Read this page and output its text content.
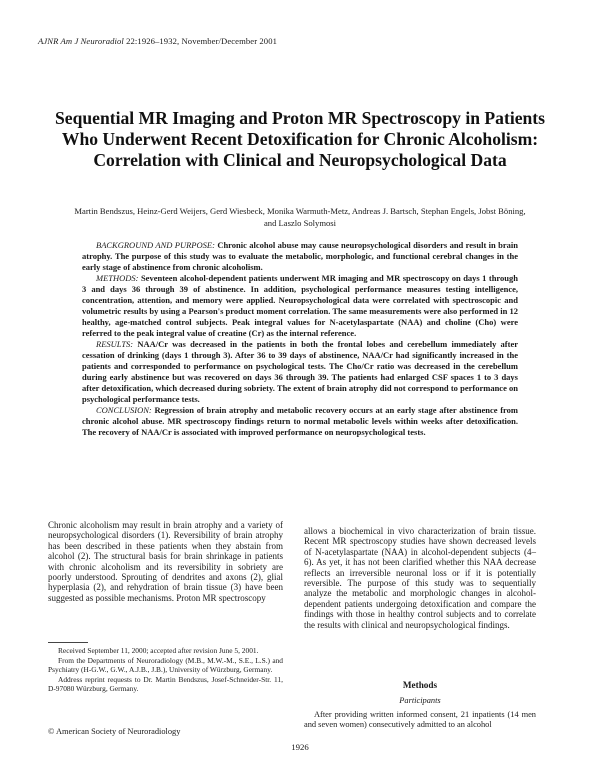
AJNR Am J Neuroradiol 22:1926–1932, November/December 2001
Sequential MR Imaging and Proton MR Spectroscopy in Patients Who Underwent Recent Detoxification for Chronic Alcoholism: Correlation with Clinical and Neuropsychological Data
Martin Bendszus, Heinz-Gerd Weijers, Gerd Wiesbeck, Monika Warmuth-Metz, Andreas J. Bartsch, Stephan Engels, Jobst Böning, and Laszlo Solymosi

BACKGROUND AND PURPOSE: Chronic alcohol abuse may cause neuropsychological disorders and result in brain atrophy. The purpose of this study was to evaluate the metabolic, morphologic, and functional cerebral changes in the early stage of abstinence from chronic alcoholism.

METHODS: Seventeen alcohol-dependent patients underwent MR imaging and MR spectroscopy on days 1 through 3 and days 36 through 39 of abstinence. In addition, psychological performance measures testing intelligence, concentration, attention, and memory were applied. Neuropsychological data were correlated with spectroscopic and volumetric results by using a Pearson's product moment correlation. The same measurements were also performed in 12 healthy, age-matched control subjects. Peak integral values for N-acetylaspartate (NAA) and choline (Cho) were referred to the peak integral value of creatine (Cr) as the internal reference.

RESULTS: NAA/Cr was decreased in the patients in both the frontal lobes and cerebellum immediately after cessation of drinking (days 1 through 3). After 36 to 39 days of abstinence, NAA/Cr had significantly increased in the patients and corresponded to performance on psychological tests. The Cho/Cr ratio was decreased in the cerebellum during early abstinence but was recovered on days 36 through 39. The patients had enlarged CSF spaces 1 to 3 days after detoxification, which decreased during sobriety. The extent of brain atrophy did not correspond to performance on psychological performance tests.

CONCLUSION: Regression of brain atrophy and metabolic recovery occurs at an early stage after abstinence from chronic alcohol abuse. MR spectroscopy findings return to normal metabolic levels within weeks after detoxification. The recovery of NAA/Cr is associated with improved performance on neuropsychological tests.

Chronic alcoholism may result in brain atrophy and a variety of neuropsychological disorders (1). Reversibility of brain atrophy has been described in these patients when they abstain from alcohol (2). The structural basis for brain shrinkage in patients with chronic alcoholism and its reversibility in sobriety are poorly understood. Sprouting of dendrites and axons (2), glial hyperplasia (2), and rehydration of brain tissue (3) have been suggested as possible mechanisms. Proton MR spectroscopy

Received September 11, 2000; accepted after revision June 5, 2001.

From the Departments of Neuroradiology (M.B., M.W.-M., S.E., L.S.) and Psychiatry (H-G.W., G.W., A.J.B., J.B.), University of Würzburg, Germany.

Address reprint requests to Dr. Martin Bendszus, Josef-Schneider-Str. 11, D-97080 Würzburg, Germany.

© American Society of Neuroradiology

allows a biochemical in vivo characterization of brain tissue. Recent MR spectroscopy studies have shown decreased levels of N-acetylaspartate (NAA) in alcohol-dependent subjects (4–6). As yet, it has not been clarified whether this NAA decrease reflects an irreversible neuronal loss or if it is potentially reversible. The purpose of this study was to sequentially analyze the metabolic and morphologic changes in alcohol-dependent patients undergoing detoxification and compare the findings with those in healthy control subjects and to correlate the results with clinical and neuropsychological findings.

Methods
Participants
After providing written informed consent, 21 inpatients (14 men and seven women) consecutively admitted to an alcohol
1926
